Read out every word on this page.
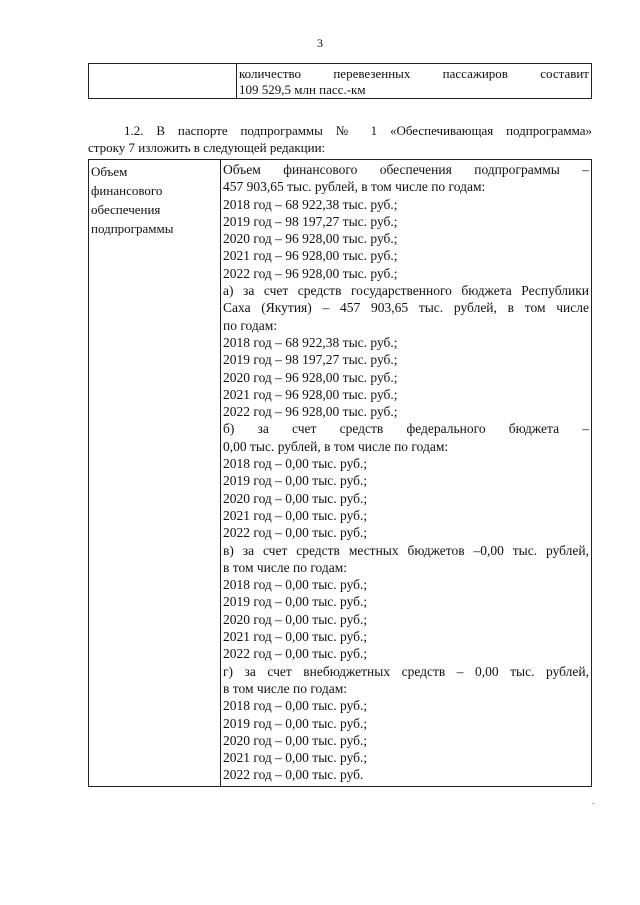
3

количество перевезенных пассажиров составит
109 529,5 млн пасс.-км
1.2. В паспорте подпрограммы № 1 «Обеспечивающая подпрограмма»
строку 7 изложить в следующей редакции:
Объем
финансового
обеспечения
подпрограммы

Объем финансового обеспечения подпрограммы –
457 903,65 тыс. рублей, в том числе по годам:
2018 год – 68 922,38 тыс. руб.;
2019 год – 98 197,27 тыс. руб.;
2020 год – 96 928,00 тыс. руб.;
2021 год – 96 928,00 тыс. руб.;
2022 год – 96 928,00 тыс. руб.;
а) за счет средств государственного бюджета Республики
Саха (Якутия) – 457 903,65 тыс. рублей, в том числе
по годам:
2018 год – 68 922,38 тыс. руб.;
2019 год – 98 197,27 тыс. руб.;
2020 год – 96 928,00 тыс. руб.;
2021 год – 96 928,00 тыс. руб.;
2022 год – 96 928,00 тыс. руб.;
б) за счет средств федерального бюджета –
0,00 тыс. рублей, в том числе по годам:
2018 год – 0,00 тыс. руб.;
2019 год – 0,00 тыс. руб.;
2020 год – 0,00 тыс. руб.;
2021 год – 0,00 тыс. руб.;
2022 год – 0,00 тыс. руб.;
в) за счет средств местных бюджетов –0,00 тыс. рублей,
в том числе по годам:
2018 год – 0,00 тыс. руб.;
2019 год – 0,00 тыс. руб.;
2020 год – 0,00 тыс. руб.;
2021 год – 0,00 тыс. руб.;
2022 год – 0,00 тыс. руб.;
г) за счет внебюджетных средств – 0,00 тыс. рублей,
в том числе по годам:
2018 год – 0,00 тыс. руб.;
2019 год – 0,00 тыс. руб.;
2020 год – 0,00 тыс. руб.;
2021 год – 0,00 тыс. руб.;
2022 год – 0,00 тыс. руб.
.
